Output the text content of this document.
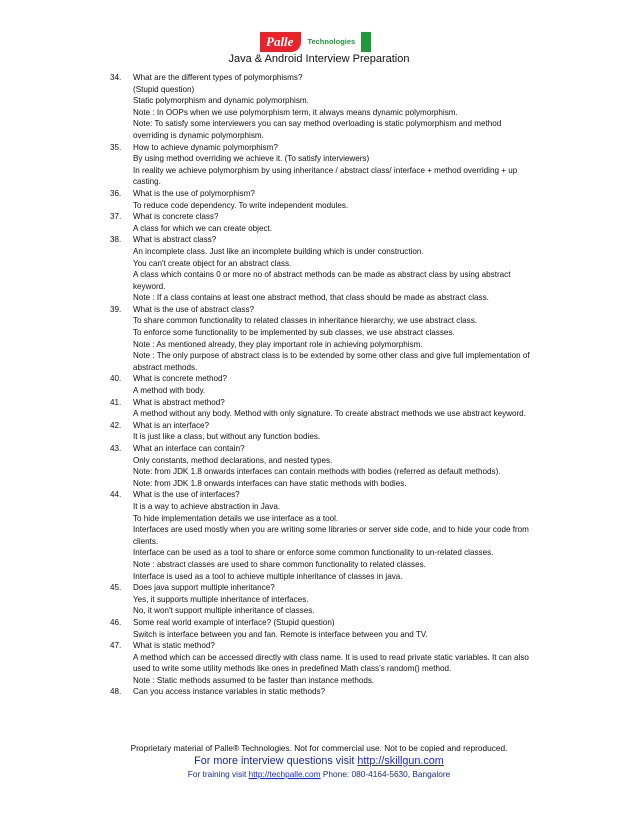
Palle	Technologies
Java & Android Interview Preparation
34.	What are the different types of polymorphisms?
(Stupid question)
Static polymorphism and dynamic polymorphism.
Note : In OOPs when we use polymorphism term, it always means dynamic polymorphism.
Note: To satisfy some interviewers you can say method overloading is static polymorphism and method
overriding is dynamic polymorphism.
35.	How to achieve dynamic polymorphism?
By using method overriding we achieve it. (To satisfy interviewers)
In reality we achieve polymorphism by using inheritance / abstract class/ interface + method overriding + up
casting.
36.	What is the use of polymorphism?
To reduce code dependency. To write independent modules.
37.	What is concrete class?
A class for which we can create object.
38.	What is abstract class?
An incomplete class. Just like an incomplete building which is under construction.
You can't create object for an abstract class.
A class which contains 0 or more no of abstract methods can be made as abstract class by using abstract
keyword.
Note : If a class contains at least one abstract method, that class should be made as abstract class.
39.	What is the use of abstract class?
To share common functionality to related classes in inheritance hierarchy, we use abstract class.
To enforce some functionality to be implemented by sub classes, we use abstract classes.
Note : As mentioned already, they play important role in achieving polymorphism.
Note : The only purpose of abstract class is to be extended by some other class and give full implementation of
abstract methods.
40.	What is concrete method?
A method with body.
41.	What is abstract method?
A method without any body. Method with only signature. To create abstract methods we use abstract keyword.
42.	What is an interface?
It is just like a class, but without any function bodies.
43.	What an interface can contain?
Only constants, method declarations, and nested types.
Note: from JDK 1.8 onwards interfaces can contain methods with bodies (referred as default methods).
Note: from JDK 1.8 onwards interfaces can have static methods with bodies.
44.	What is the use of interfaces?
It is a way to achieve abstraction in Java.
To hide implementation details we use interface as a tool.
Interfaces are used mostly when you are writing some libraries or server side code, and to hide your code from
clients.
Interface can be used as a tool to share or enforce some common functionality to un-related classes.
Note : abstract classes are used to share common functionality to related classes.
Interface is used as a tool to achieve multiple inheritance of classes in java.
45.	Does java support multiple inheritance?
Yes, it supports multiple inheritance of interfaces.
No, it won't support multiple inheritance of classes.
46.	Some real world example of interface? (Stupid question)
Switch is interface between you and fan. Remote is interface between you and TV.
47.	What is static method?
A method which can be accessed directly with class name. It is used to read private static variables. It can also
used to write some utility methods like ones in predefined Math class's random() method.
Note : Static methods assumed to be faster than instance methods.
48.	Can you access instance variables in static methods?
Proprietary material of Palle® Technologies. Not for commercial use. Not to be copied and reproduced.
For more interview questions visit http://skillgun.com
For training visit http://techpalle.com Phone: 080-4164-5630, Bangalore
